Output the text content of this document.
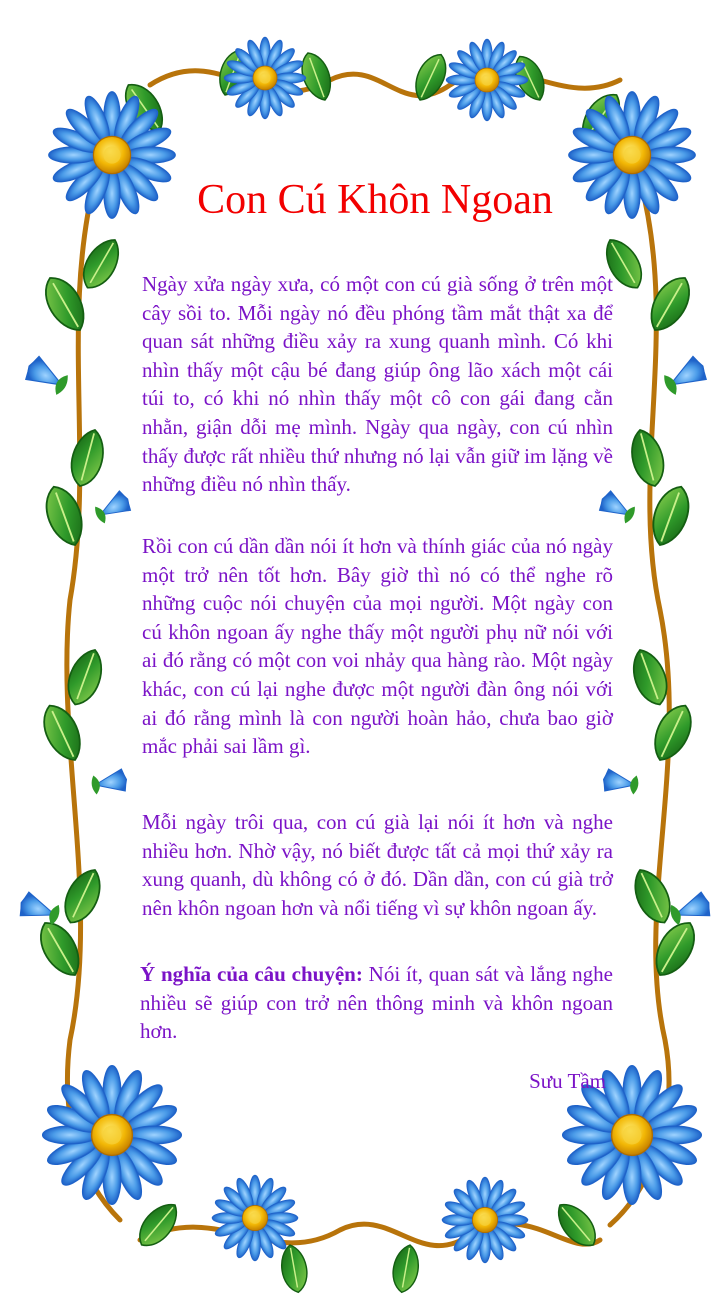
Con Cú Khôn Ngoan

Ngày xửa ngày xưa, có một con cú già sống ở trên một cây sồi to. Mỗi ngày nó đều phóng tầm mắt thật xa để quan sát những điều xảy ra xung quanh mình. Có khi nhìn thấy một cậu bé đang giúp ông lão xách một cái túi to, có khi nó nhìn thấy một cô con gái đang cằn nhằn, giận dỗi mẹ mình. Ngày qua ngày, con cú nhìn thấy được rất nhiều thứ nhưng nó lại vẫn giữ im lặng về những điều nó nhìn thấy.

Rồi con cú dần dần nói ít hơn và thính giác của nó ngày một trở nên tốt hơn. Bây giờ thì nó có thể nghe rõ những cuộc nói chuyện của mọi người. Một ngày con cú khôn ngoan ấy nghe thấy một người phụ nữ nói với ai đó rằng có một con voi nhảy qua hàng rào. Một ngày khác, con cú lại nghe được một người đàn ông nói với ai đó rằng mình là con người hoàn hảo, chưa bao giờ mắc phải sai lầm gì.

Mỗi ngày trôi qua, con cú già lại nói ít hơn và nghe nhiều hơn. Nhờ vậy, nó biết được tất cả mọi thứ xảy ra xung quanh, dù không có ở đó. Dần dần, con cú già trở nên khôn ngoan hơn và nổi tiếng vì sự khôn ngoan ấy.

Ý nghĩa của câu chuyện: Nói ít, quan sát và lắng nghe nhiều sẽ giúp con trở nên thông minh và khôn ngoan hơn.

Sưu Tầm
